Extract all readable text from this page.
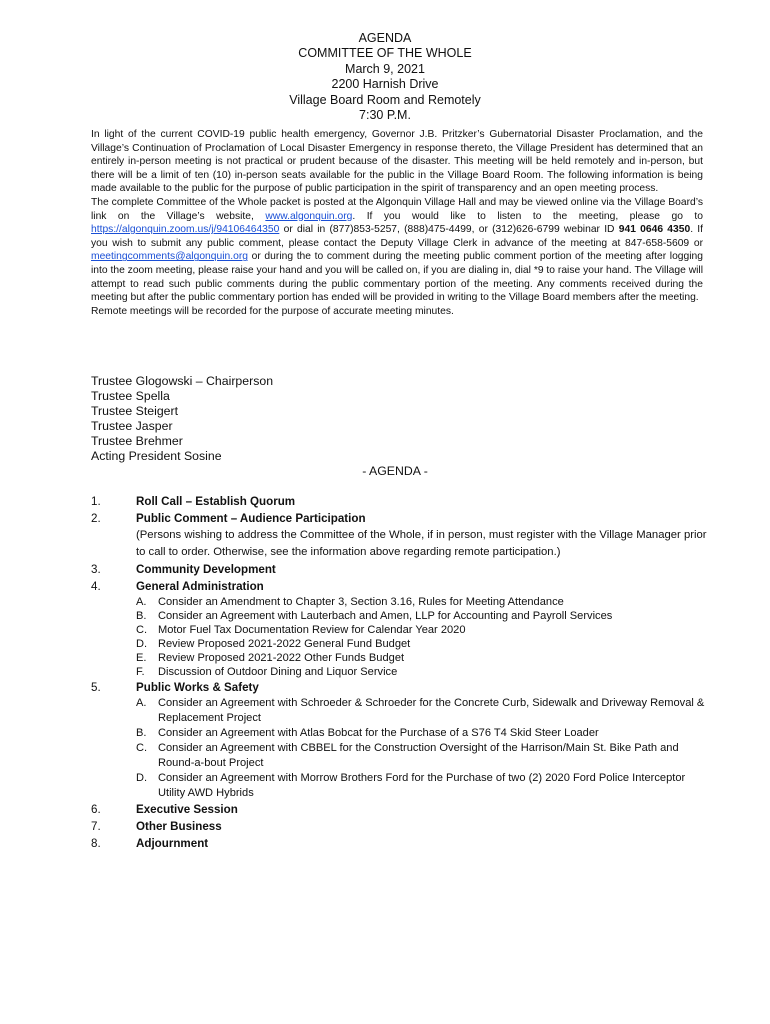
AGENDA
COMMITTEE OF THE WHOLE
March 9, 2021
2200 Harnish Drive
Village Board Room and Remotely
7:30 P.M.

In light of the current COVID-19 public health emergency, Governor J.B. Pritzker’s Gubernatorial Disaster Proclamation, and the Village’s Continuation of Proclamation of Local Disaster Emergency in response thereto, the Village President has determined that an entirely in-person meeting is not practical or prudent because of the disaster. This meeting will be held remotely and in-person, but there will be a limit of ten (10) in-person seats available for the public in the Village Board Room. The following information is being made available to the public for the purpose of public participation in the spirit of transparency and an open meeting process.

The complete Committee of the Whole packet is posted at the Algonquin Village Hall and may be viewed online via the Village Board’s link on the Village’s website, www.algonquin.org. If you would like to listen to the meeting, please go to https://algonquin.zoom.us/j/94106464350 or dial in (877)853-5257, (888)475-4499, or (312)626-6799 webinar ID 941 0646 4350. If you wish to submit any public comment, please contact the Deputy Village Clerk in advance of the meeting at 847-658-5609 or meetingcomments@algonquin.org or during the to comment during the meeting public comment portion of the meeting after logging into the zoom meeting, please raise your hand and you will be called on, if you are dialing in, dial *9 to raise your hand. The Village will attempt to read such public comments during the public commentary portion of the meeting. Any comments received during the meeting but after the public commentary portion has ended will be provided in writing to the Village Board members after the meeting.

Remote meetings will be recorded for the purpose of accurate meeting minutes.

Trustee Glogowski – Chairperson
Trustee Spella
Trustee Steigert
Trustee Jasper
Trustee Brehmer
Acting President Sosine
- AGENDA -
1.	Roll Call – Establish Quorum
2.	Public Comment – Audience Participation
(Persons wishing to address the Committee of the Whole, if in person, must register with the Village Manager prior to call to order. Otherwise, see the information above regarding remote participation.)
3.	Community Development
4.	General Administration
A. Consider an Amendment to Chapter 3, Section 3.16, Rules for Meeting Attendance
B. Consider an Agreement with Lauterbach and Amen, LLP for Accounting and Payroll Services
C. Motor Fuel Tax Documentation Review for Calendar Year 2020
D. Review Proposed 2021-2022 General Fund Budget
E. Review Proposed 2021-2022 Other Funds Budget
F. Discussion of Outdoor Dining and Liquor Service
5.	Public Works & Safety
A. Consider an Agreement with Schroeder & Schroeder for the Concrete Curb, Sidewalk and Driveway Removal & Replacement Project
B. Consider an Agreement with Atlas Bobcat for the Purchase of a S76 T4 Skid Steer Loader
C. Consider an Agreement with CBBEL for the Construction Oversight of the Harrison/Main St. Bike Path and Round-a-bout Project
D. Consider an Agreement with Morrow Brothers Ford for the Purchase of two (2) 2020 Ford Police Interceptor Utility AWD Hybrids
6.	Executive Session
7.	Other Business
8.	Adjournment
